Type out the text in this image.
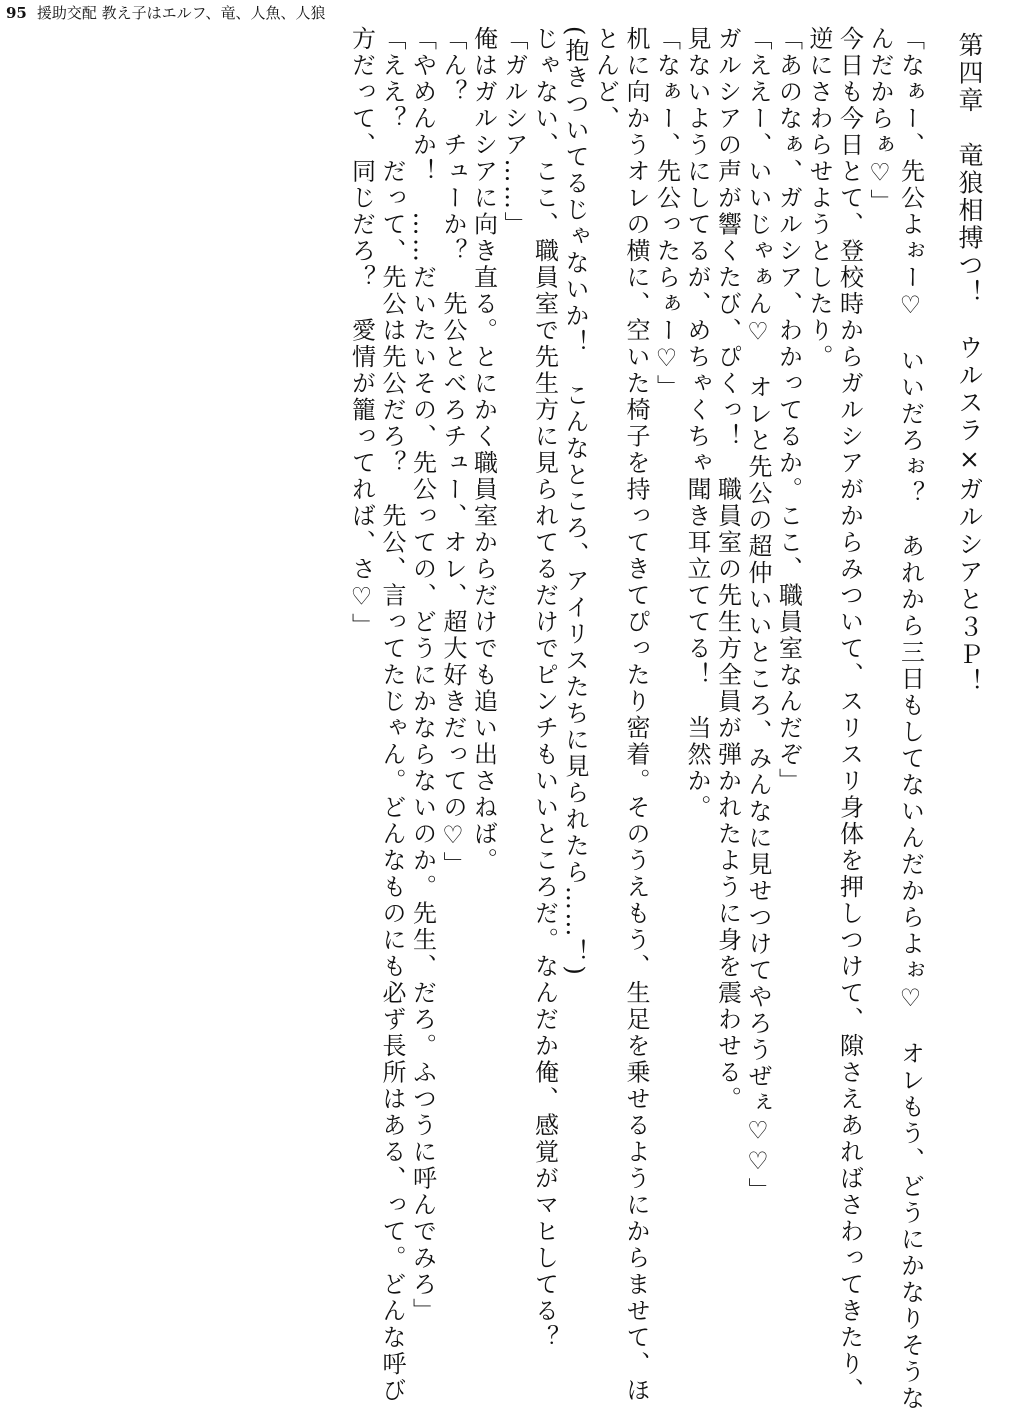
95 援助交配 教え子はエルフ、竜、人魚、人狼
第四章　竜狼相搏つ！　ウルスラ×ガルシアと３Ｐ！

「なぁー、先公よぉー♡　いいだろぉ？　あれから三日もしてないんだからよぉ♡　オレもう、どうにかなりそうなんだからぁ♡」

今日も今日とて、登校時からガルシアがからみついて、スリスリ身体を押しつけて、隙さえあればさわってきたり、逆にさわらせようとしたり。

「あのなぁ、ガルシア、わかってるか。ここ、職員室なんだぞ」

「ええー、いいじゃぁん♡　オレと先公の超仲いいところ、みんなに見せつけてやろうぜぇ♡♡」

ガルシアの声が響くたび、ぴくっ！　職員室の先生方全員が弾かれたように身を震わせる。

見ないようにしてるが、めちゃくちゃ聞き耳立ててる！　当然か。

「なぁー、先公ったらぁー♡」

机に向かうオレの横に、空いた椅子を持ってきてぴったり密着。そのうえもう、生足を乗せるようにからませて、ほとんど、

(抱きついてるじゃないか！　こんなところ、アイリスたちに見られたら……！)

じゃない、ここ、職員室で先生方に見られてるだけでピンチもいいところだ。なんだか俺、感覚がマヒしてる？

「ガルシア……」

俺はガルシアに向き直る。とにかく職員室からだけでも追い出さねば。

「ん？　チューか？　先公とべろチュー、オレ、超大好きだっての♡」

「やめんか！　……だいたいその、先公っての、どうにかならないのか。先生、だろ。ふつうに呼んでみろ」

「ええ？　だって、先公は先公だろ？　先公、言ってたじゃん。どんなものにも必ず長所はある、って。どんな呼び方だって、同じだろ？　愛情が籠ってれば、さ♡」
